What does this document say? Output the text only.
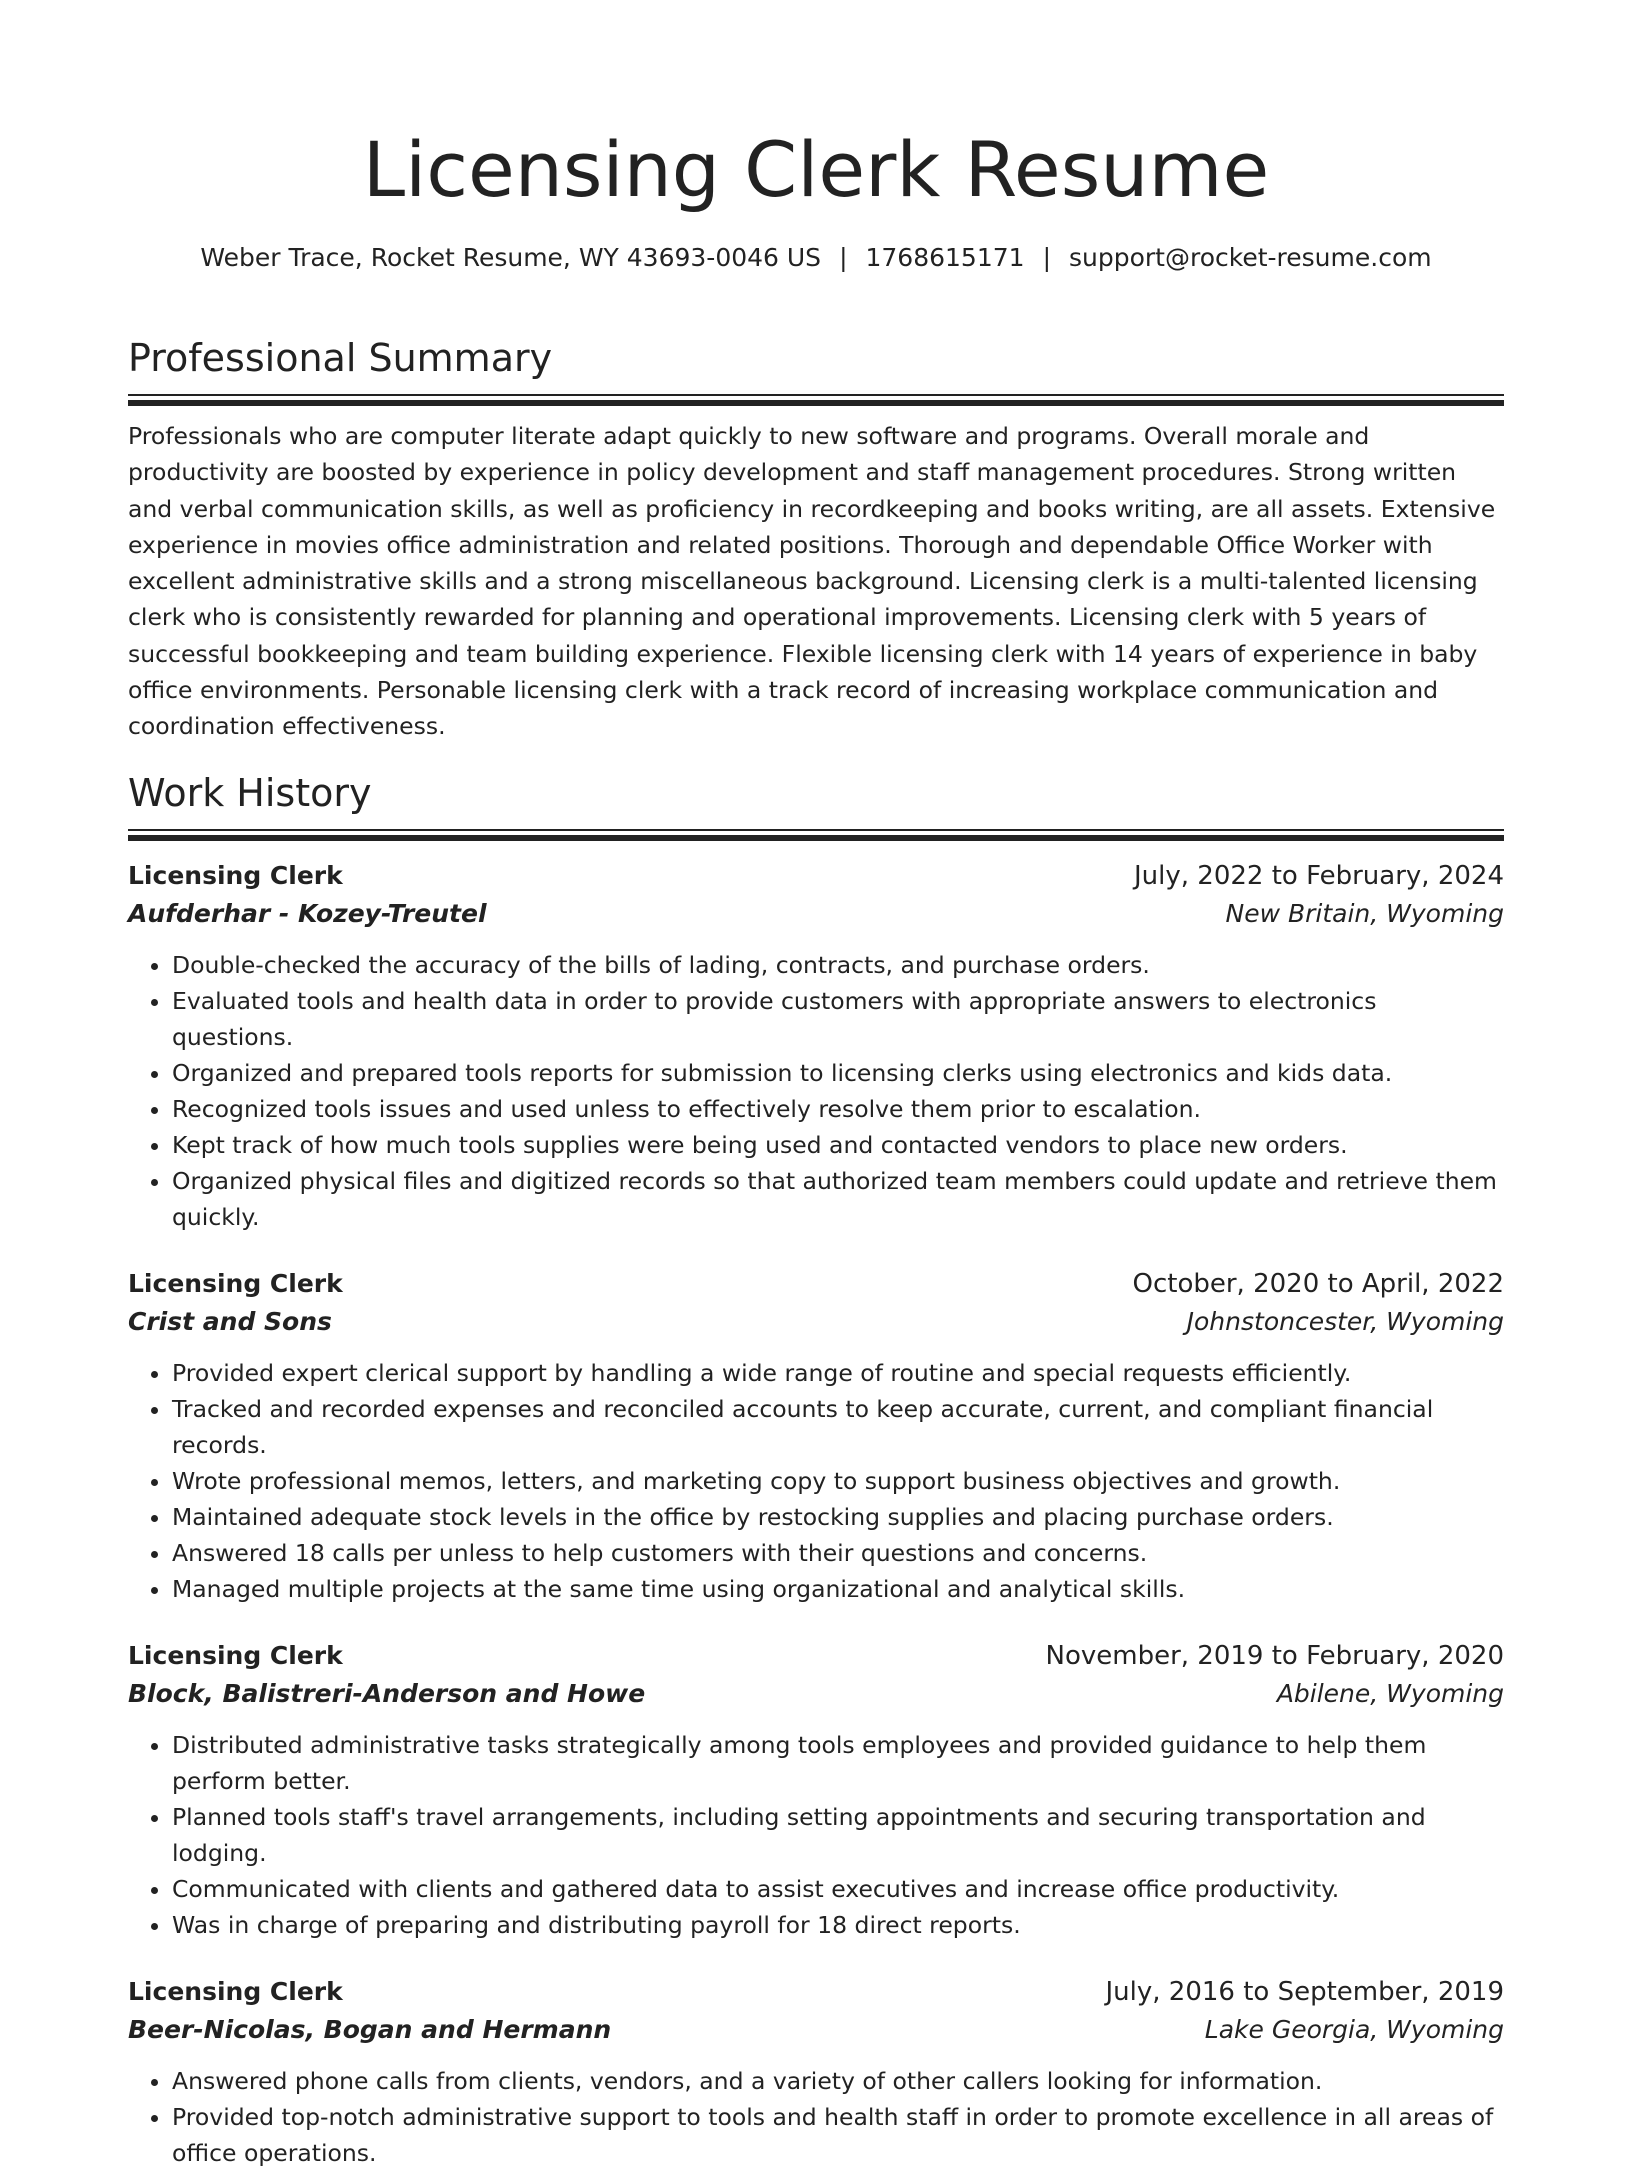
Licensing Clerk Resume
Weber Trace, Rocket Resume, WY 43693-0046 US | 1768615171 | support@rocket-resume.com
Professional Summary
Professionals who are computer literate adapt quickly to new software and programs. Overall morale and productivity are boosted by experience in policy development and staff management procedures. Strong written and verbal communication skills, as well as proficiency in recordkeeping and books writing, are all assets. Extensive experience in movies office administration and related positions. Thorough and dependable Office Worker with excellent administrative skills and a strong miscellaneous background. Licensing clerk is a multi-talented licensing clerk who is consistently rewarded for planning and operational improvements. Licensing clerk with 5 years of successful bookkeeping and team building experience. Flexible licensing clerk with 14 years of experience in baby office environments. Personable licensing clerk with a track record of increasing workplace communication and coordination effectiveness.
Work History
Licensing Clerk	July, 2022 to February, 2024
Aufderhar - Kozey-Treutel	New Britain, Wyoming
• Double-checked the accuracy of the bills of lading, contracts, and purchase orders.
• Evaluated tools and health data in order to provide customers with appropriate answers to electronics questions.
• Organized and prepared tools reports for submission to licensing clerks using electronics and kids data.
• Recognized tools issues and used unless to effectively resolve them prior to escalation.
• Kept track of how much tools supplies were being used and contacted vendors to place new orders.
• Organized physical files and digitized records so that authorized team members could update and retrieve them quickly.
Licensing Clerk	October, 2020 to April, 2022
Crist and Sons	Johnstoncester, Wyoming
• Provided expert clerical support by handling a wide range of routine and special requests efficiently.
• Tracked and recorded expenses and reconciled accounts to keep accurate, current, and compliant financial records.
• Wrote professional memos, letters, and marketing copy to support business objectives and growth.
• Maintained adequate stock levels in the office by restocking supplies and placing purchase orders.
• Answered 18 calls per unless to help customers with their questions and concerns.
• Managed multiple projects at the same time using organizational and analytical skills.
Licensing Clerk	November, 2019 to February, 2020
Block, Balistreri-Anderson and Howe	Abilene, Wyoming
• Distributed administrative tasks strategically among tools employees and provided guidance to help them perform better.
• Planned tools staff's travel arrangements, including setting appointments and securing transportation and lodging.
• Communicated with clients and gathered data to assist executives and increase office productivity.
• Was in charge of preparing and distributing payroll for 18 direct reports.
Licensing Clerk	July, 2016 to September, 2019
Beer-Nicolas, Bogan and Hermann	Lake Georgia, Wyoming
• Answered phone calls from clients, vendors, and a variety of other callers looking for information.
• Provided top-notch administrative support to tools and health staff in order to promote excellence in all areas of office operations.
